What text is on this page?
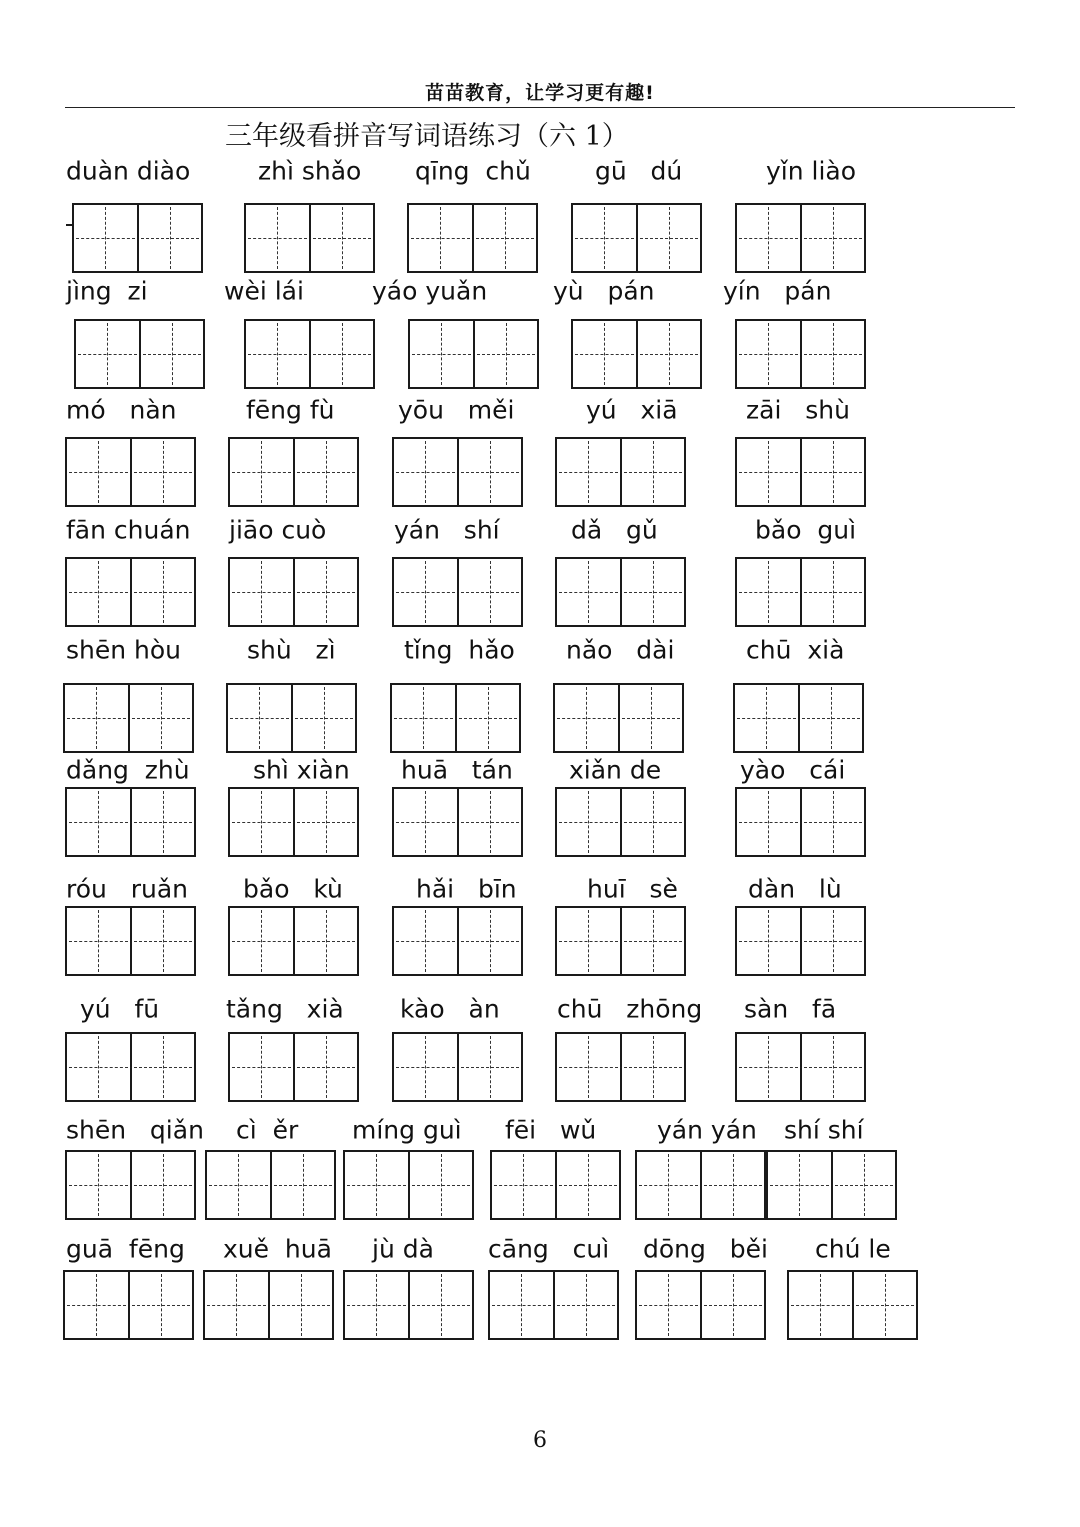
苗苗教育，让学习更有趣!
三年级看拼音写词语练习（六 1）
duàn diào	zhì shǎo qīng  chǔ	gū   dú	yǐn liào
jìng  zi	wèi lái	yáo yuǎn	yù   pán	yín   pán
mó   nàn	fēng fù	yōu   měi	yú   xiā	zāi   shù
fān chuán jiāo cuò	yán   shí	dǎ   gǔ	bǎo  guì
shēn hòu	shù   zì	tǐng  hǎo nǎo   dài	chū  xià
dǎng  zhù	shì xiàn huā   tán xiǎn de	yào   cái
róu   ruǎn bǎo   kù	hǎi   bīn	huī   sè	dàn   lù
yú   fū	tǎng   xià kào   àn chū   zhōng sàn   fā
shēn   qiǎn cì  ěr míng guì fēi   wǔ yán yán shí shí
guā  fēng xuě  huā jù dà cāng   cuì dōng   běi chú le
6
